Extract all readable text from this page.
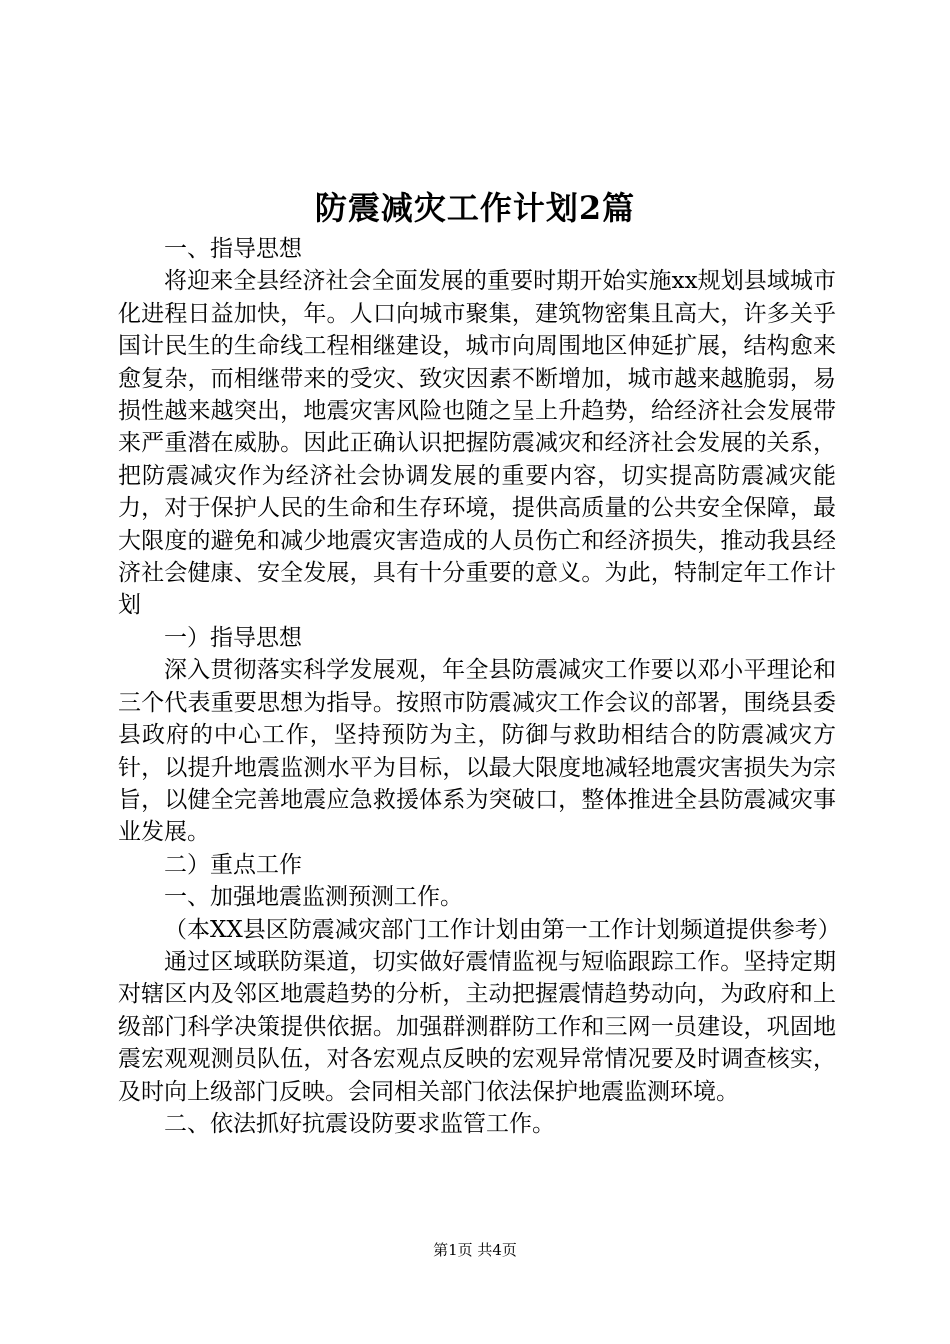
防震减灾工作计划2篇

一、指导思想

将迎来全县经济社会全面发展的重要时期开始实施xx规划县域城市化进程日益加快，年。人口向城市聚集，建筑物密集且高大，许多关乎国计民生的生命线工程相继建设，城市向周围地区伸延扩展，结构愈来愈复杂，而相继带来的受灾、致灾因素不断增加，城市越来越脆弱，易损性越来越突出，地震灾害风险也随之呈上升趋势，给经济社会发展带来严重潜在威胁。因此正确认识把握防震减灾和经济社会发展的关系，把防震减灾作为经济社会协调发展的重要内容，切实提高防震减灾能力，对于保护人民的生命和生存环境，提供高质量的公共安全保障，最大限度的避免和减少地震灾害造成的人员伤亡和经济损失，推动我县经济社会健康、安全发展，具有十分重要的意义。为此，特制定年工作计划

一）指导思想

深入贯彻落实科学发展观，年全县防震减灾工作要以邓小平理论和三个代表重要思想为指导。按照市防震减灾工作会议的部署，围绕县委县政府的中心工作，坚持预防为主，防御与救助相结合的防震减灾方针，以提升地震监测水平为目标，以最大限度地减轻地震灾害损失为宗旨，以健全完善地震应急救援体系为突破口，整体推进全县防震减灾事业发展。

二）重点工作

一、加强地震监测预测工作。

（本XX县区防震减灾部门工作计划由第一工作计划频道提供参考）

通过区域联防渠道，切实做好震情监视与短临跟踪工作。坚持定期对辖区内及邻区地震趋势的分析，主动把握震情趋势动向，为政府和上级部门科学决策提供依据。加强群测群防工作和三网一员建设，巩固地震宏观观测员队伍，对各宏观点反映的宏观异常情况要及时调查核实，及时向上级部门反映。会同相关部门依法保护地震监测环境。

二、依法抓好抗震设防要求监管工作。

第1页 共4页
